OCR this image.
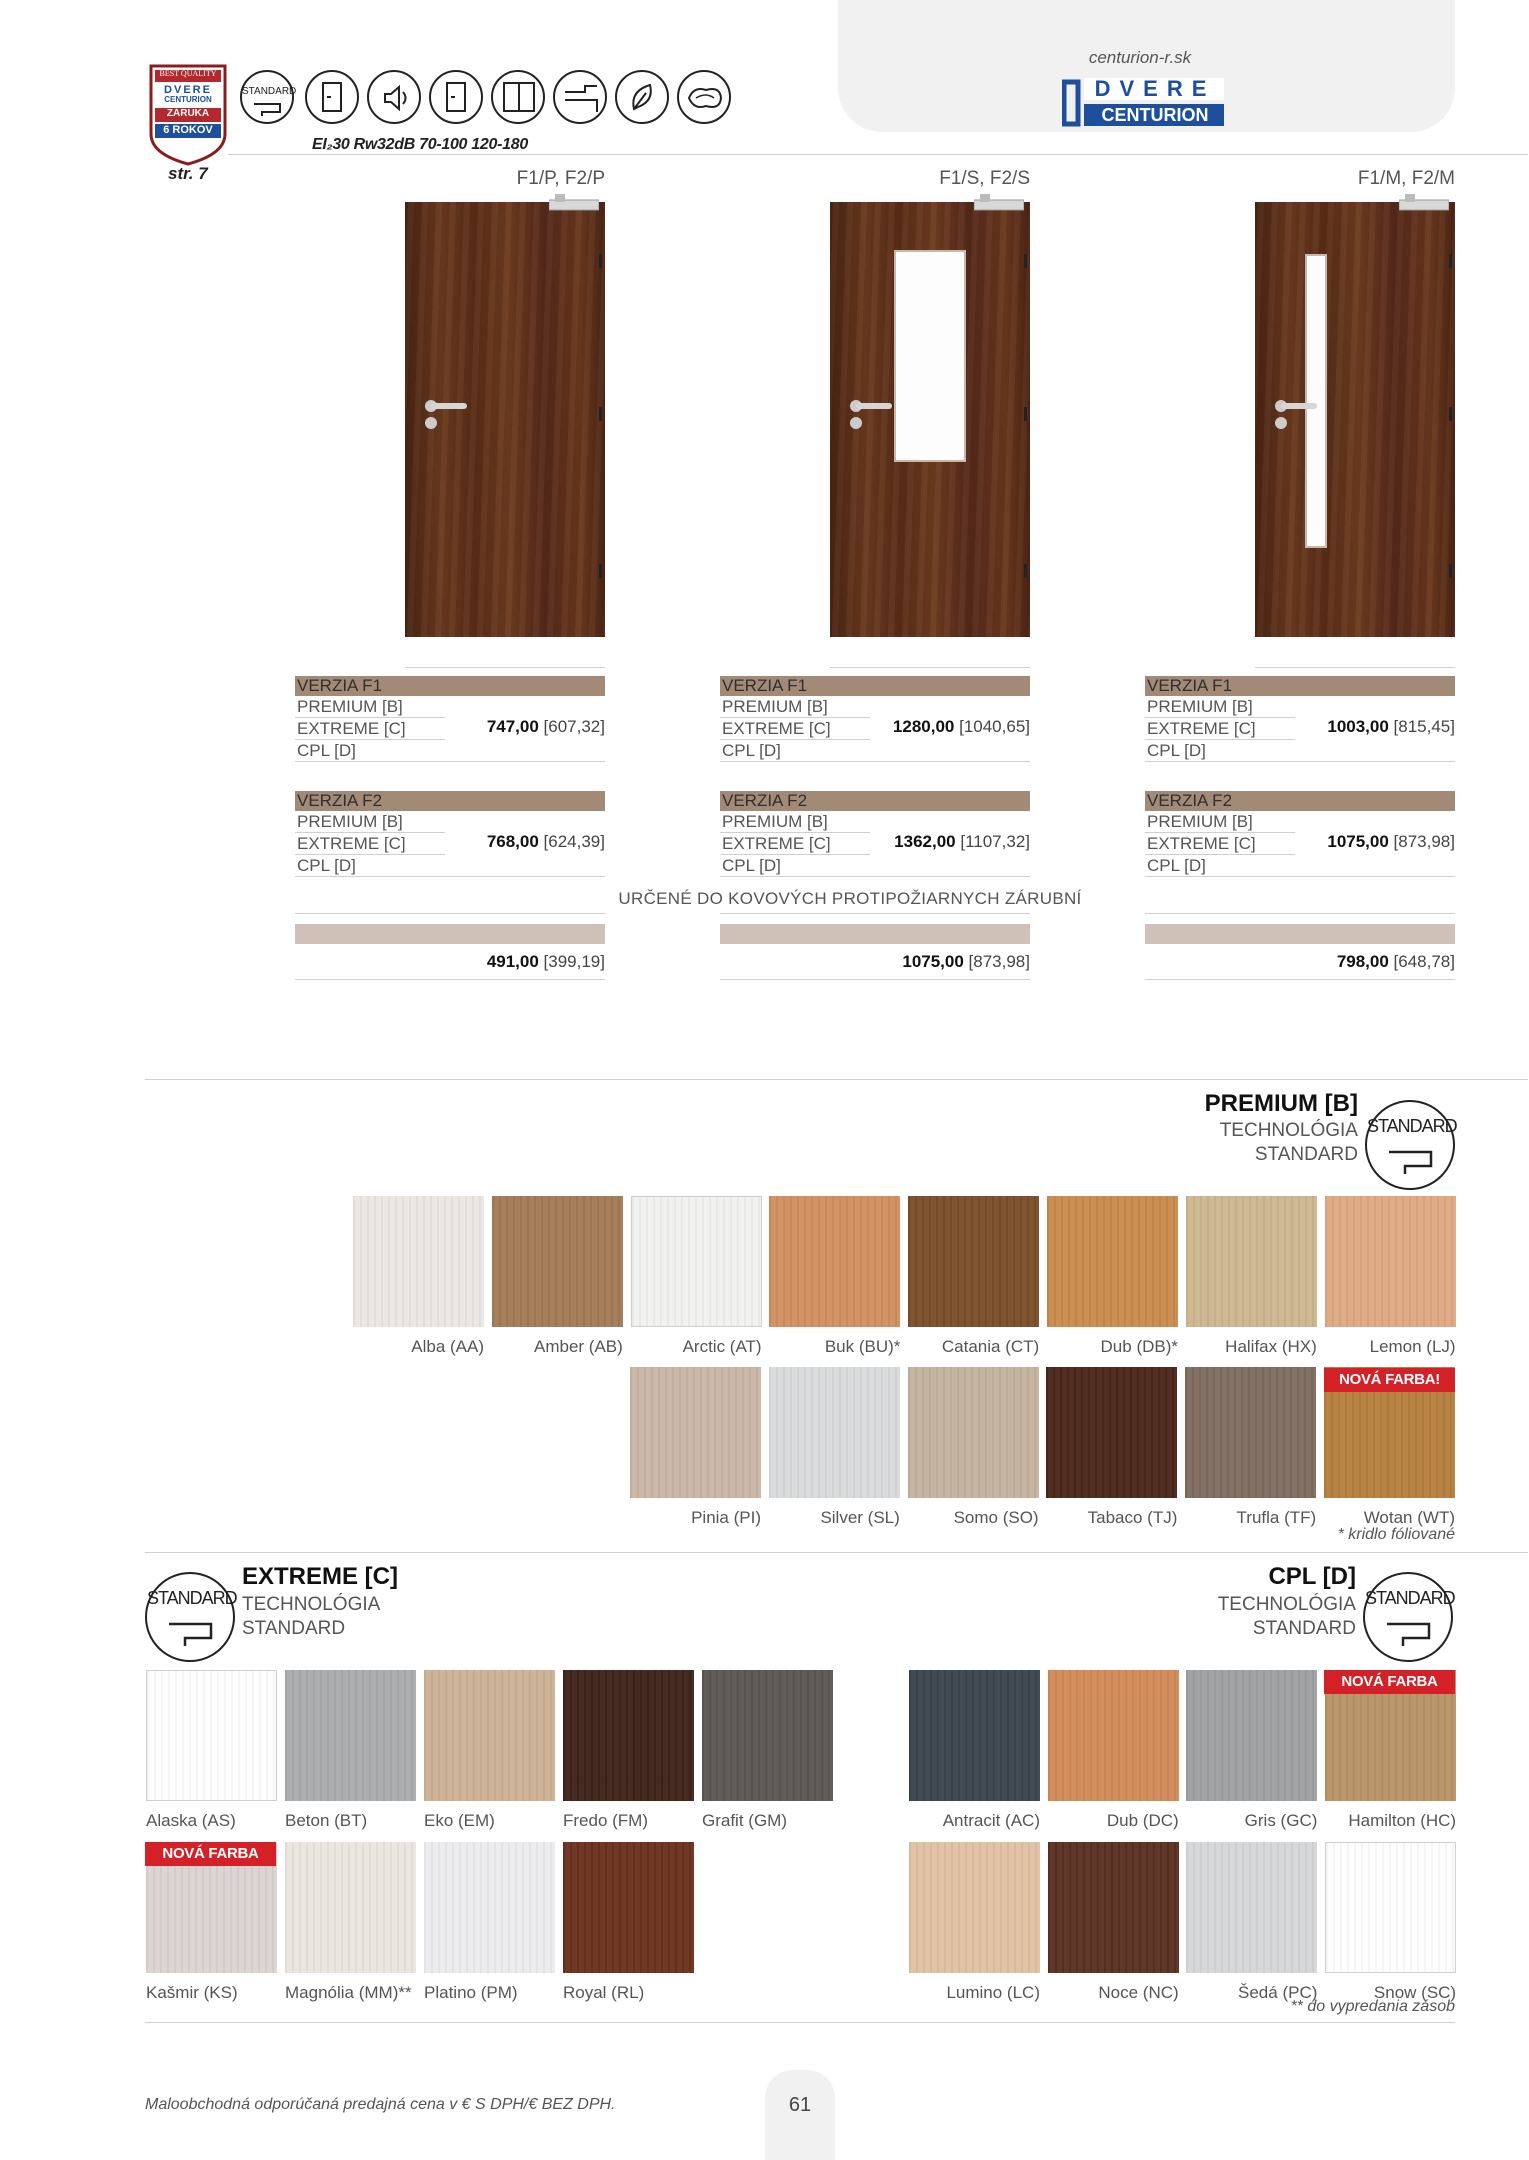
centurion-r.sk
DVERE
CENTURION
BEST QUALITY
DVERE
CENTURION
ZÁRUKA
6 ROKOV
STANDARD
EI₂30 Rw32dB 70-100 120-180
str. 7	F1/P, F2/P	F1/S, F2/S	F1/M, F2/M
VERZIA F1
PREMIUM [B]
EXTREME [C]
CPL [D]
747,00 [607,32]
VERZIA F2
PREMIUM [B]
EXTREME [C]
CPL [D]
768,00 [624,39]
491,00 [399,19]
VERZIA F1
PREMIUM [B]
EXTREME [C]
CPL [D]
1280,00 [1040,65]
VERZIA F2
PREMIUM [B]
EXTREME [C]
CPL [D]
1362,00 [1107,32]
1075,00 [873,98]
VERZIA F1
PREMIUM [B]
EXTREME [C]
CPL [D]
1003,00 [815,45]
VERZIA F2
PREMIUM [B]
EXTREME [C]
CPL [D]
1075,00 [873,98]
798,00 [648,78]
URČENÉ DO KOVOVÝCH PROTIPOŽIARNYCH ZÁRUBNÍ
PREMIUM [B]
TECHNOLÓGIA
STANDARD
STANDARD
Alba (AA)	Amber (AB)	Arctic (AT)	Buk (BU)*	Catania (CT)	Dub (DB)*	Halifax (HX)	Lemon (LJ)
Pinia (PI)	Silver (SL)	Somo (SO)	Tabaco (TJ)	Trufla (TF)	Wotan (WT)
NOVÁ FARBA!
* kridlo fóliované
STANDARD
EXTREME [C]
TECHNOLÓGIA
STANDARD
CPL [D]
TECHNOLÓGIA
STANDARD
STANDARD
Alaska (AS)	Beton (BT)	Eko (EM)	Fredo (FM)	Grafit (GM)
Kašmir (KS)	Magnólia (MM)** Platino (PM)	Royal (RL)
Antracit (AC)	Dub (DC)	Gris (GC)	Hamilton (HC)
Lumino (LC)	Noce (NC)	Šedá (PC)	Snow (SC)
NOVÁ FARBA
NOVÁ FARBA
** do vypredania zásob
Maloobchodná odporúčaná predajná cena v € S DPH/€ BEZ DPH.	61
